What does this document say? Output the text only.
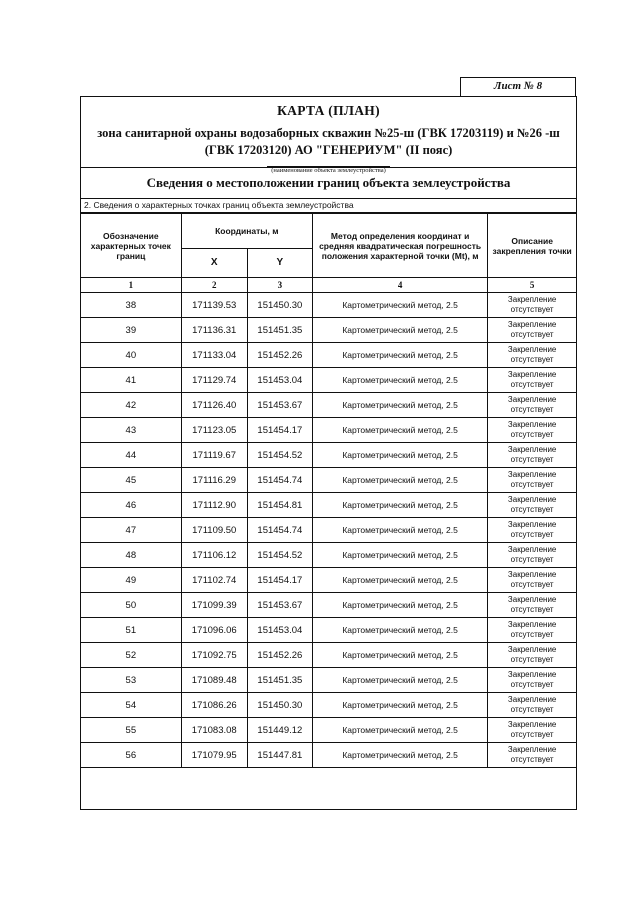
Лист № 8
КАРТА (ПЛАН)
зона санитарной охраны водозаборных скважин №25-ш (ГВК 17203119) и №26 -ш (ГВК 17203120) АО "ГЕНЕРИУМ" (II пояс)
(наименование объекта землеустройства)
Сведения о местоположении границ объекта землеустройства
2. Сведения о характерных точках границ объекта землеустройства
Обозначение характерных точек границ	Координаты, м		Метод определения координат и средняя квадратическая погрешность положения характерной точки (Mt), м	Описание закрепления точки
	X	Y		
1	2	3	4	5
38	171139.53	151450.30	Картометрический метод, 2.5	Закрепление отсутствует
39	171136.31	151451.35	Картометрический метод, 2.5	Закрепление отсутствует
40	171133.04	151452.26	Картометрический метод, 2.5	Закрепление отсутствует
41	171129.74	151453.04	Картометрический метод, 2.5	Закрепление отсутствует
42	171126.40	151453.67	Картометрический метод, 2.5	Закрепление отсутствует
43	171123.05	151454.17	Картометрический метод, 2.5	Закрепление отсутствует
44	171119.67	151454.52	Картометрический метод, 2.5	Закрепление отсутствует
45	171116.29	151454.74	Картометрический метод, 2.5	Закрепление отсутствует
46	171112.90	151454.81	Картометрический метод, 2.5	Закрепление отсутствует
47	171109.50	151454.74	Картометрический метод, 2.5	Закрепление отсутствует
48	171106.12	151454.52	Картометрический метод, 2.5	Закрепление отсутствует
49	171102.74	151454.17	Картометрический метод, 2.5	Закрепление отсутствует
50	171099.39	151453.67	Картометрический метод, 2.5	Закрепление отсутствует
51	171096.06	151453.04	Картометрический метод, 2.5	Закрепление отсутствует
52	171092.75	151452.26	Картометрический метод, 2.5	Закрепление отсутствует
53	171089.48	151451.35	Картометрический метод, 2.5	Закрепление отсутствует
54	171086.26	151450.30	Картометрический метод, 2.5	Закрепление отсутствует
55	171083.08	151449.12	Картометрический метод, 2.5	Закрепление отсутствует
56	171079.95	151447.81	Картометрический метод, 2.5	Закрепление отсутствует
